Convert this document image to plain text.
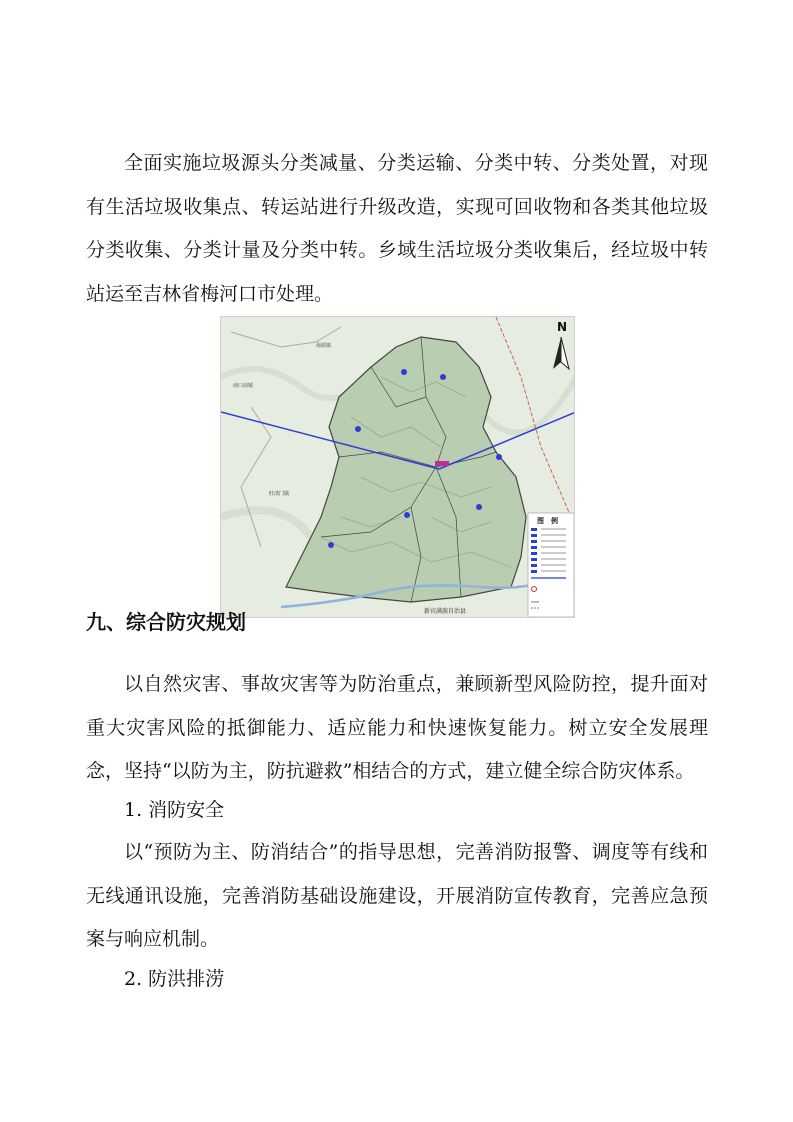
全面实施垃圾源头分类减量、分类运输、分类中转、分类处置，对现有生活垃圾收集点、转运站进行升级改造，实现可回收物和各类其他垃圾分类收集、分类计量及分类中转。乡域生活垃圾分类收集后，经垃圾中转站运至吉林省梅河口市处理。

N
海源镇
南口前镇
旺清门镇
图　例
新宾满族自治县
九、综合防灾规划

以自然灾害、事故灾害等为防治重点，兼顾新型风险防控，提升面对重大灾害风险的抵御能力、适应能力和快速恢复能力。树立安全发展理念，坚持“以防为主，防抗避救”相结合的方式，建立健全综合防灾体系。

1. 消防安全

以“预防为主、防消结合”的指导思想，完善消防报警、调度等有线和无线通讯设施，完善消防基础设施建设，开展消防宣传教育，完善应急预案与响应机制。

2. 防洪排涝
